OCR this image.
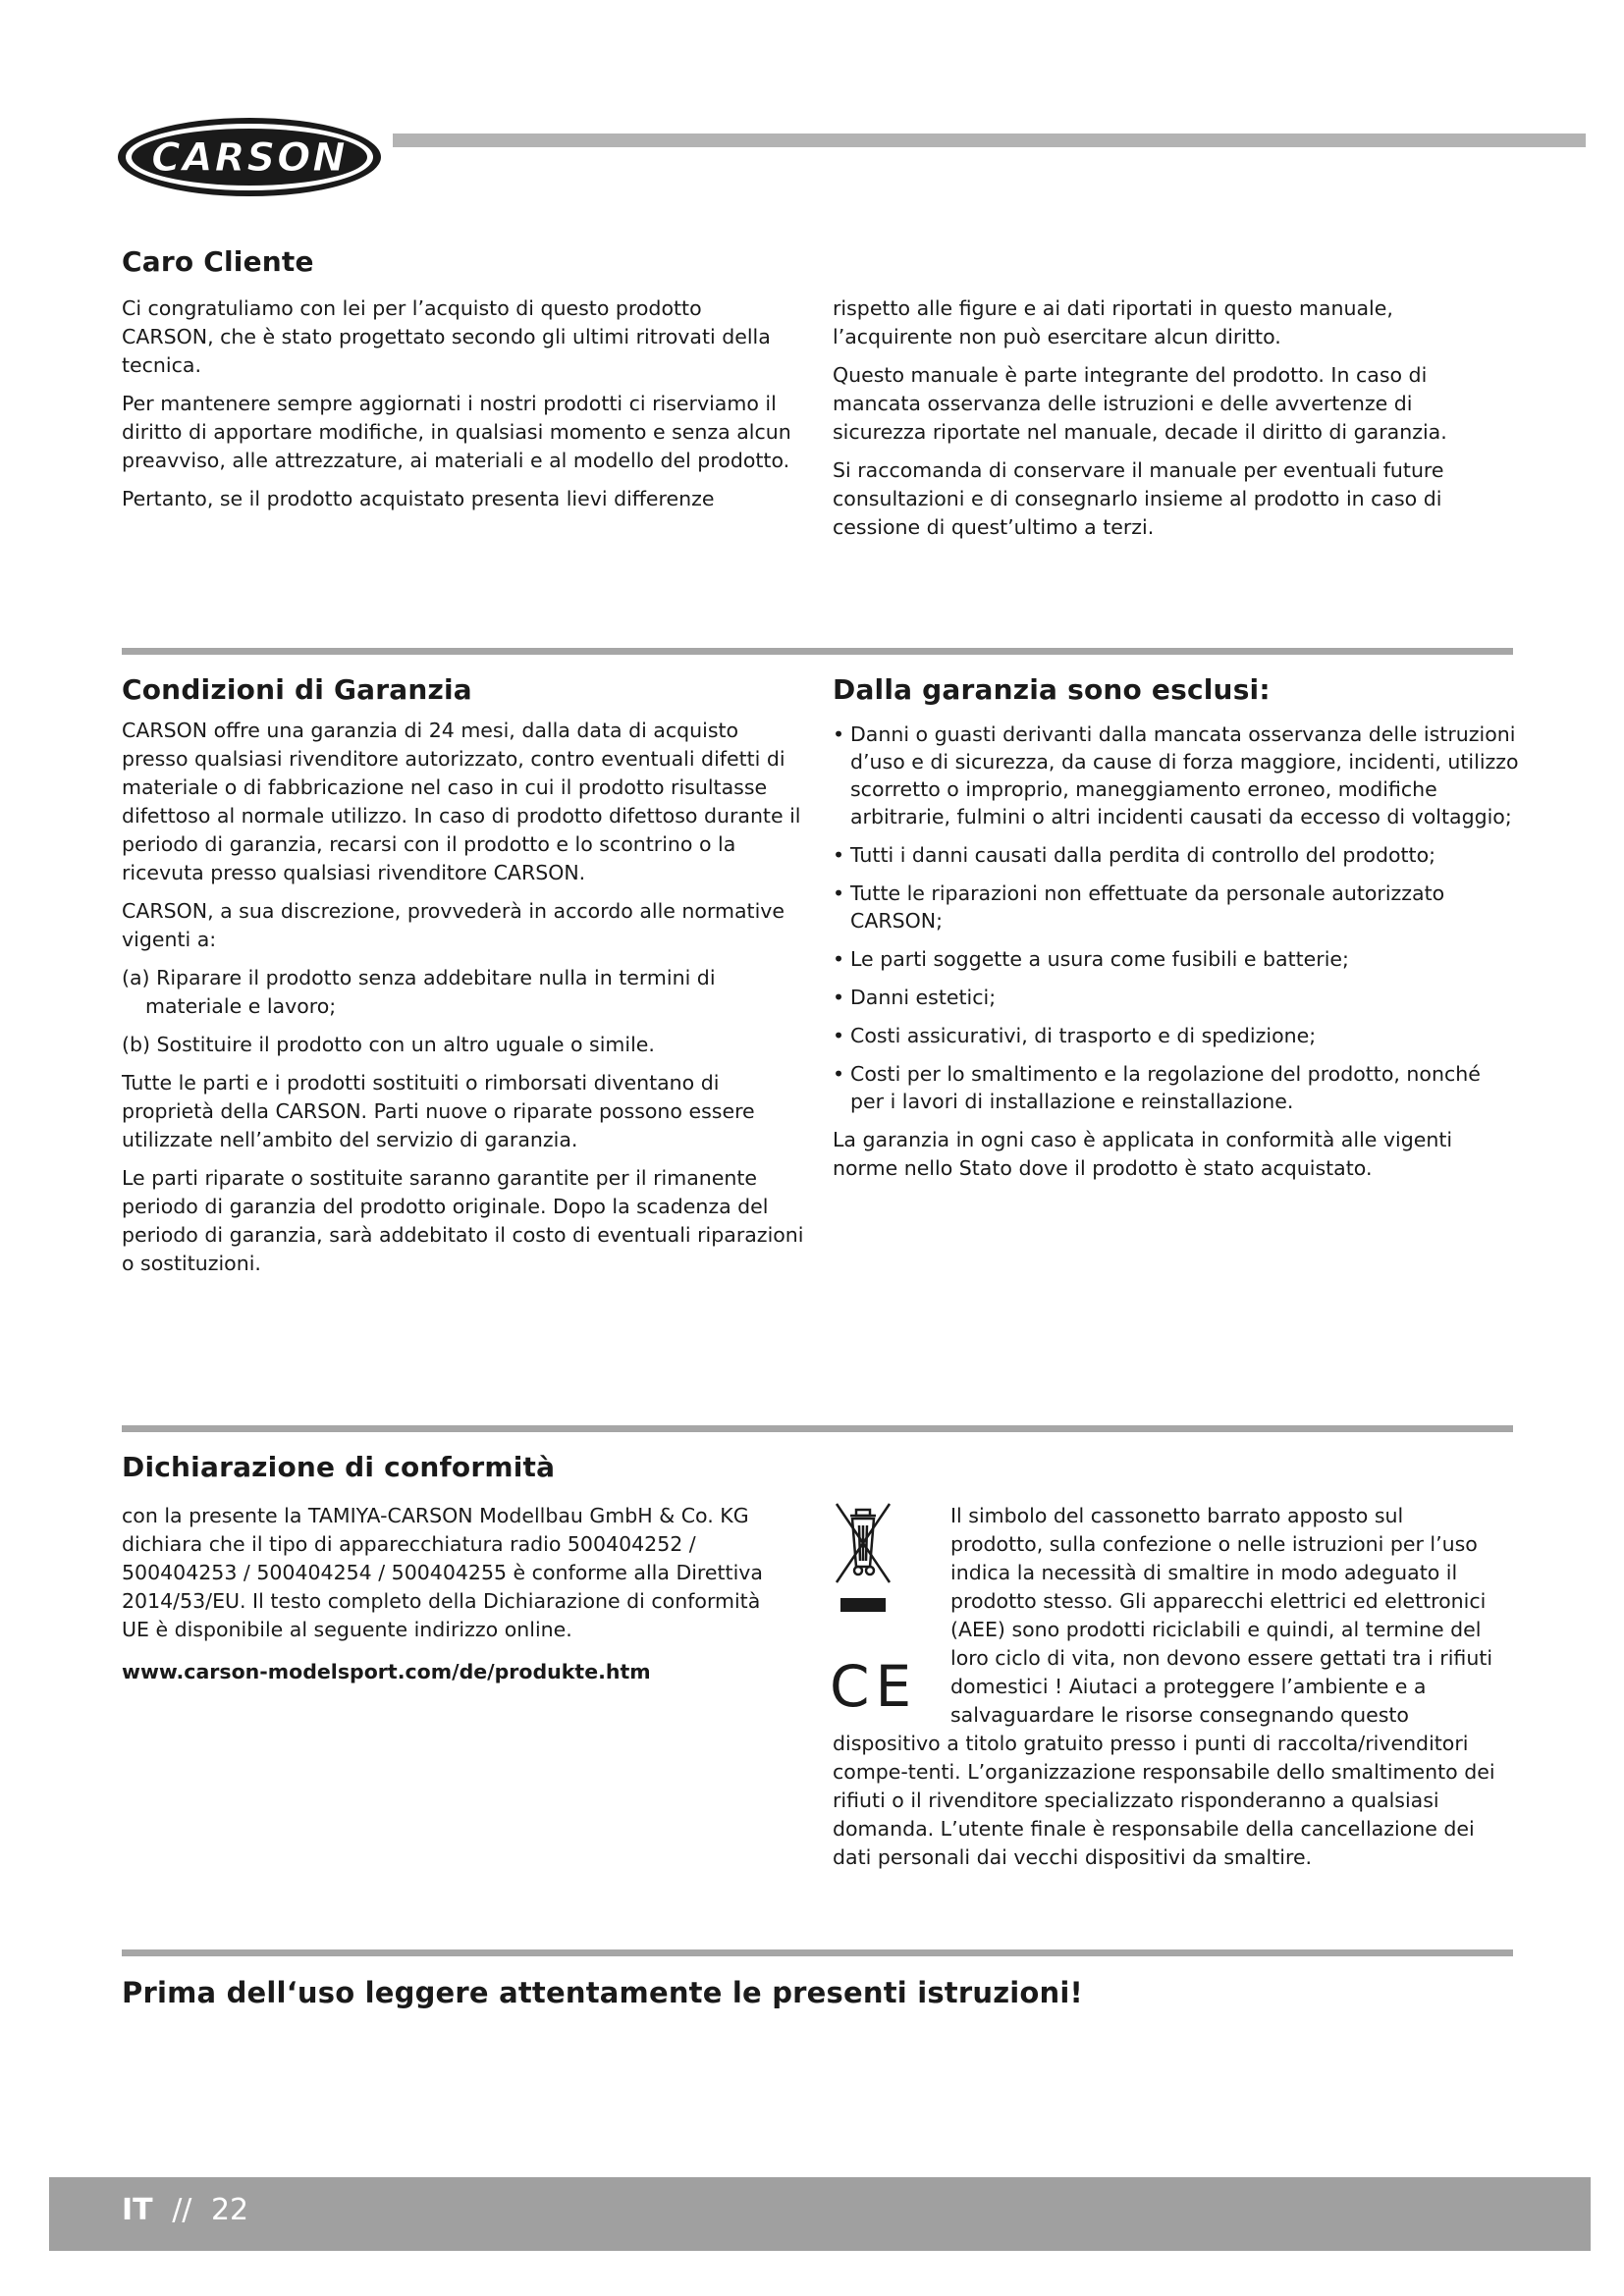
CARSON
Caro Cliente

Ci congratuliamo con lei per l’acquisto di questo prodotto CARSON, che è stato progettato secondo gli ultimi ritrovati della tecnica.

Per mantenere sempre aggiornati i nostri prodotti ci riserviamo il diritto di apportare modifiche, in qualsiasi momento e senza alcun preavviso, alle attrezzature, ai materiali e al modello del prodotto.

Pertanto, se il prodotto acquistato presenta lievi differenze

rispetto alle figure e ai dati riportati in questo manuale, l’acquirente non può esercitare alcun diritto.

Questo manuale è parte integrante del prodotto. In caso di mancata osservanza delle istruzioni e delle avvertenze di sicurezza riportate nel manuale, decade il diritto di garanzia.

Si raccomanda di conservare il manuale per eventuali future consultazioni e di consegnarlo insieme al prodotto in caso di cessione di quest’ultimo a terzi.

Condizioni di Garanzia

CARSON offre una garanzia di 24 mesi, dalla data di acquisto presso qualsiasi rivenditore autorizzato, contro eventuali difetti di materiale o di fabbricazione nel caso in cui il prodotto risultasse difettoso al normale utilizzo. In caso di prodotto difettoso durante il periodo di garanzia, recarsi con il prodotto e lo scontrino o la ricevuta presso qualsiasi rivenditore CARSON.

CARSON, a sua discrezione, provvederà in accordo alle normative vigenti a:

(a) Riparare il prodotto senza addebitare nulla in termini di materiale e lavoro;

(b) Sostituire il prodotto con un altro uguale o simile.

Tutte le parti e i prodotti sostituiti o rimborsati diventano di proprietà della CARSON. Parti nuove o riparate possono essere utilizzate nell’ambito del servizio di garanzia.

Le parti riparate o sostituite saranno garantite per il rimanente periodo di garanzia del prodotto originale. Dopo la scadenza del periodo di garanzia, sarà addebitato il costo di eventuali riparazioni o sostituzioni.

Dalla garanzia sono esclusi:
• Danni o guasti derivanti dalla mancata osservanza delle istruzioni d’uso e di sicurezza, da cause di forza maggiore, incidenti, utilizzo scorretto o improprio, maneggiamento erroneo, modifiche arbitrarie, fulmini o altri incidenti causati da eccesso di voltaggio;
• Tutti i danni causati dalla perdita di controllo del prodotto;
• Tutte le riparazioni non effettuate da personale autorizzato CARSON;
• Le parti soggette a usura come fusibili e batterie;
• Danni estetici;
• Costi assicurativi, di trasporto e di spedizione;
• Costi per lo smaltimento e la regolazione del prodotto, nonché per i lavori di installazione e reinstallazione.

La garanzia in ogni caso è applicata in conformità alle vigenti norme nello Stato dove il prodotto è stato acquistato.

Dichiarazione di conformità

con la presente la TAMIYA-CARSON Modellbau GmbH & Co. KG dichiara che il tipo di apparecchiatura radio 500404252 / 500404253 / 500404254 / 500404255 è conforme alla Direttiva 2014/53/EU. Il testo completo della Dichiarazione di conformità UE è disponibile al seguente indirizzo online.

www.carson-modelsport.com/de/produkte.htm	CE

Il simbolo del cassonetto barrato apposto sul prodotto, sulla confezione o nelle istruzioni per l’uso indica la necessità di smaltire in modo adeguato il prodotto stesso. Gli apparecchi elettrici ed elettronici (AEE) sono prodotti riciclabili e quindi, al termine del loro ciclo di vita, non devono essere gettati tra i rifiuti domestici ! Aiutaci a proteggere l’ambiente e a salvaguardare le risorse consegnando questo dispositivo a titolo gratuito presso i punti di raccolta/rivenditori compe-tenti. L’organizzazione responsabile dello smaltimento dei rifiuti o il rivenditore specializzato risponderanno a qualsiasi domanda. L’utente finale è responsabile della cancellazione dei dati personali dai vecchi dispositivi da smaltire.

Prima dell‘uso leggere attentamente le presenti istruzioni!
IT // 22
